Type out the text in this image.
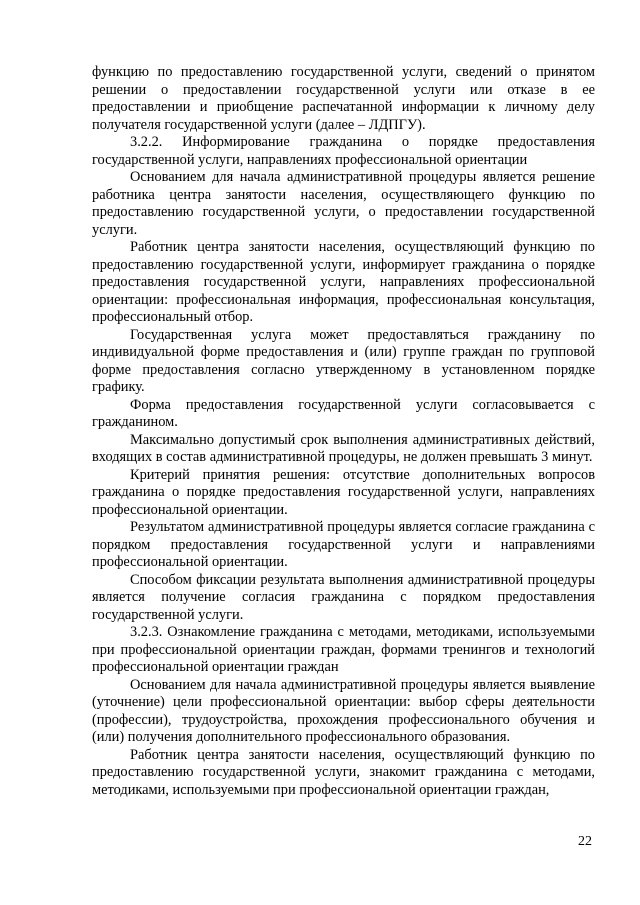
функцию по предоставлению государственной услуги, сведений о принятом решении о предоставлении государственной услуги или отказе в ее предоставлении и приобщение распечатанной информации к личному делу получателя государственной услуги (далее – ЛДПГУ).

3.2.2. Информирование гражданина о порядке предоставления государственной услуги, направлениях профессиональной ориентации

Основанием для начала административной процедуры является решение работника центра занятости населения, осуществляющего функцию по предоставлению государственной услуги, о предоставлении государственной услуги.

Работник центра занятости населения, осуществляющий функцию по предоставлению государственной услуги, информирует гражданина о порядке предоставления государственной услуги, направлениях профессиональной ориентации: профессиональная информация, профессиональная консультация, профессиональный отбор.

Государственная услуга может предоставляться гражданину по индивидуальной форме предоставления и (или) группе граждан по групповой форме предоставления согласно утвержденному в установленном порядке графику.

Форма предоставления государственной услуги согласовывается с гражданином.

Максимально допустимый срок выполнения административных действий, входящих в состав административной процедуры, не должен превышать 3 минут.

Критерий принятия решения: отсутствие дополнительных вопросов гражданина о порядке предоставления государственной услуги, направлениях профессиональной ориентации.

Результатом административной процедуры является согласие гражданина с порядком предоставления государственной услуги и направлениями профессиональной ориентации.

Способом фиксации результата выполнения административной процедуры является получение согласия гражданина с порядком предоставления государственной услуги.

3.2.3. Ознакомление гражданина с методами, методиками, используемыми при профессиональной ориентации граждан, формами тренингов и технологий профессиональной ориентации граждан

Основанием для начала административной процедуры является выявление (уточнение) цели профессиональной ориентации: выбор сферы деятельности (профессии), трудоустройства, прохождения профессионального обучения и (или) получения дополнительного профессионального образования.

Работник центра занятости населения, осуществляющий функцию по предоставлению государственной услуги, знакомит гражданина с методами, методиками, используемыми при профессиональной ориентации граждан,

22
